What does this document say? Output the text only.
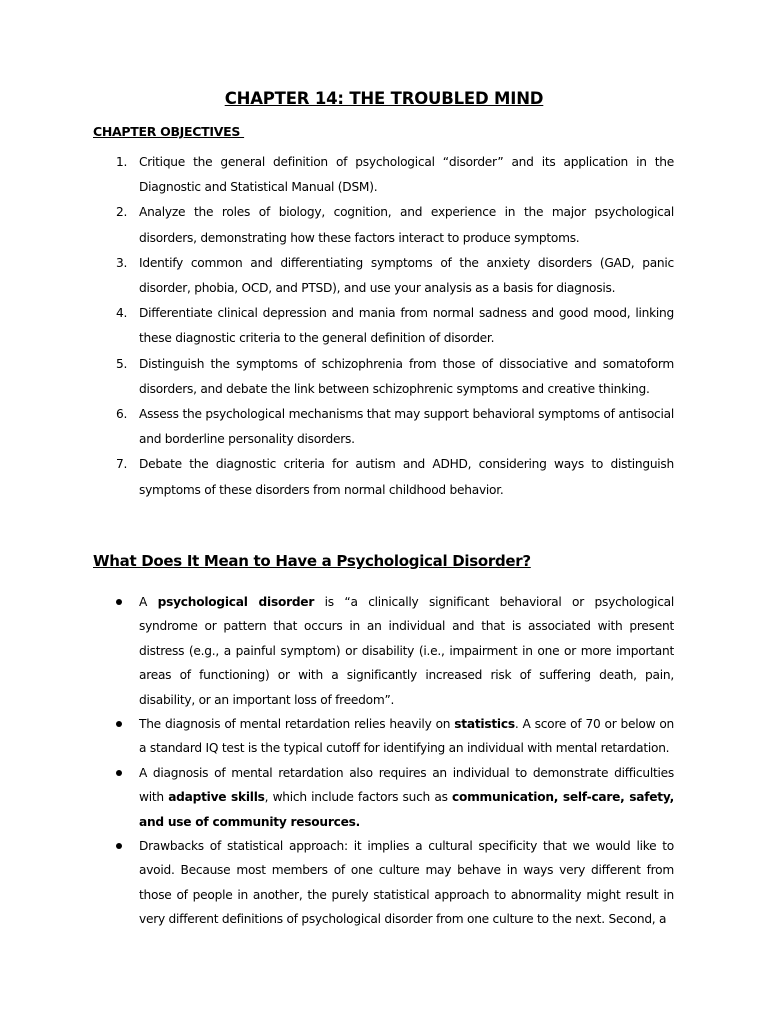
CHAPTER 14: THE TROUBLED MIND
CHAPTER OBJECTIVES
1. Critique the general definition of psychological “disorder” and its application in the Diagnostic and Statistical Manual (DSM).
2. Analyze the roles of biology, cognition, and experience in the major psychological disorders, demonstrating how these factors interact to produce symptoms.
3. Identify common and differentiating symptoms of the anxiety disorders (GAD, panic disorder, phobia, OCD, and PTSD), and use your analysis as a basis for diagnosis.
4. Differentiate clinical depression and mania from normal sadness and good mood, linking these diagnostic criteria to the general definition of disorder.
5. Distinguish the symptoms of schizophrenia from those of dissociative and somatoform disorders, and debate the link between schizophrenic symptoms and creative thinking.
6. Assess the psychological mechanisms that may support behavioral symptoms of antisocial and borderline personality disorders.
7. Debate the diagnostic criteria for autism and ADHD, considering ways to distinguish symptoms of these disorders from normal childhood behavior.
What Does It Mean to Have a Psychological Disorder?
A psychological disorder is “a clinically significant behavioral or psychological syndrome or pattern that occurs in an individual and that is associated with present distress (e.g., a painful symptom) or disability (i.e., impairment in one or more important areas of functioning) or with a significantly increased risk of suffering death, pain, disability, or an important loss of freedom”.
The diagnosis of mental retardation relies heavily on statistics. A score of 70 or below on a standard IQ test is the typical cutoff for identifying an individual with mental retardation.
A diagnosis of mental retardation also requires an individual to demonstrate difficulties with adaptive skills, which include factors such as communication, self-care, safety, and use of community resources.
Drawbacks of statistical approach: it implies a cultural specificity that we would like to avoid. Because most members of one culture may behave in ways very different from those of people in another, the purely statistical approach to abnormality might result in very different definitions of psychological disorder from one culture to the next. Second, a
